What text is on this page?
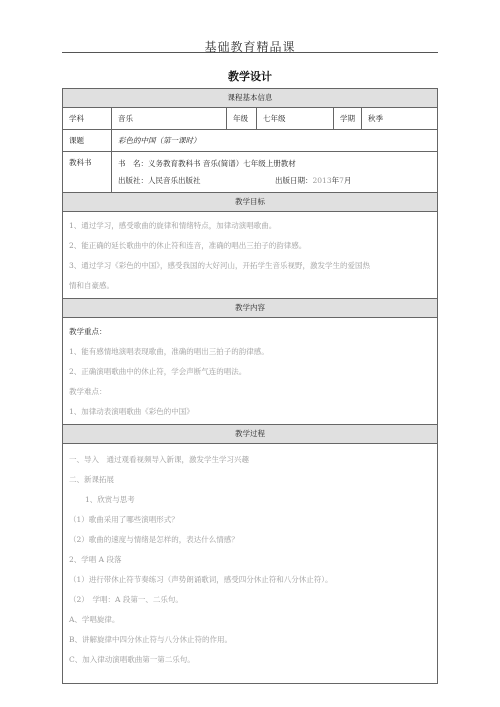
基础教育精品课
教学设计
课程基本信息
学科	音乐	年级	七年级	学期	秋季
课题	彩色的中国（第一课时）
教科书	书　名：义务教育教科书 音乐(简谱）七年级上册教材
出版社：人民音乐出版社	出版日期： 2013 年 7 月
教学目标
1、通过学习，感受歌曲的旋律和情绪特点，加律动演唱歌曲。
2、能正确的延长歌曲中的休止符和连音，准确的唱出三拍子的韵律感。
3、通过学习《彩色的中国》，感受我国的大好河山，开拓学生音乐视野，激发学生的爱国热
情和自豪感。
教学内容
教学重点：
1、能有感情地演唱表现歌曲，准确的唱出三拍子的韵律感。
2、正确演唱歌曲中的休止符，学会声断气连的唱法。
教学难点：
1、加律动表演唱歌曲《彩色的中国》
教学过程
一、导入　通过观看视频导入新课，激发学生学习兴趣
二、新课拓展
1、欣赏与思考
（1）歌曲采用了哪些演唱形式？
（2）歌曲的速度与情绪是怎样的，表达什么情感？
2、学唱 A 段落
（1）进行带休止符节奏练习（声势朗诵歌词，感受四分休止符和八分休止符）。
（2）　学唱：A 段第一、二乐句。
A、学唱旋律。
B、讲解旋律中四分休止符与八分休止符的作用。
C、加入律动演唱歌曲第一第二乐句。
